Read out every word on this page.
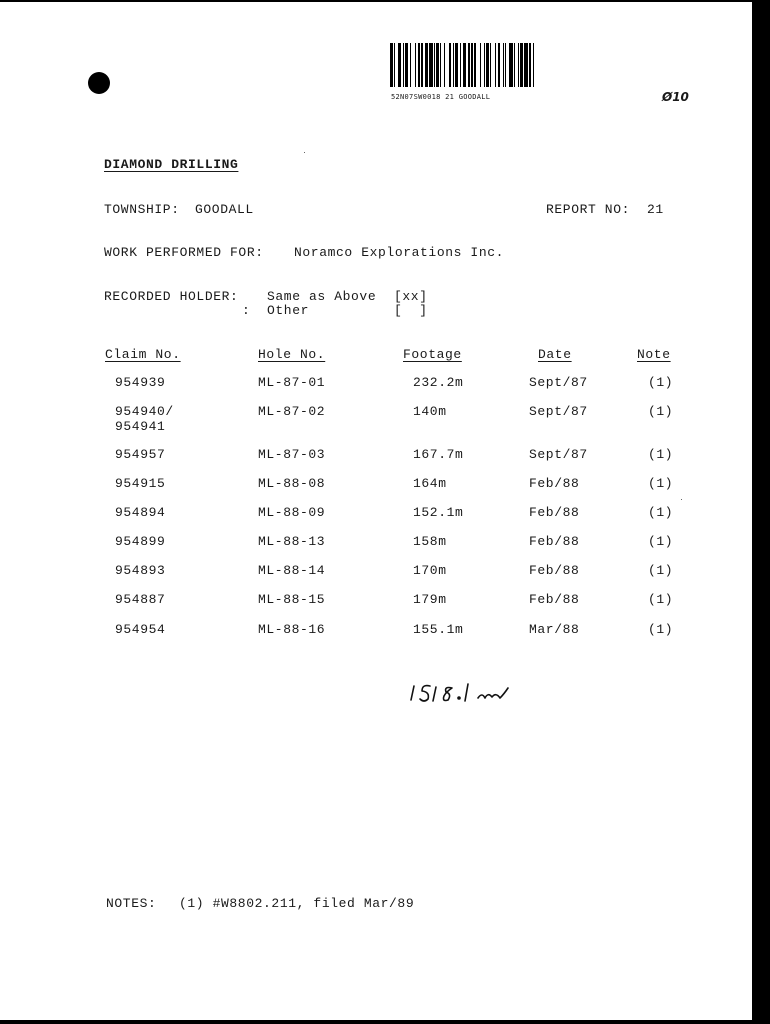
52N07SW0018 21 GOODALL	Ø10
DIAMOND DRILLING
TOWNSHIP: GOODALL	REPORT NO: 21
WORK PERFORMED FOR: Noramco Explorations Inc.
RECORDED HOLDER: Same as Above [xx]
: Other	[  ]
Claim No.	Hole No.	Footage	Date	Note
954939	ML-87-01	232.2m	Sept/87	(1)
954940/	ML-87-02	140m	Sept/87	(1)
954941
954957	ML-87-03	167.7m	Sept/87	(1)
954915	ML-88-08	164m	Feb/88	(1)
954894	ML-88-09	152.1m	Feb/88	(1)
954899	ML-88-13	158m	Feb/88	(1)
954893	ML-88-14	170m	Feb/88	(1)
954887	ML-88-15	179m	Feb/88	(1)
954954	ML-88-16	155.1m	Mar/88	(1)
NOTES: (1) #W8802.211, filed Mar/89
